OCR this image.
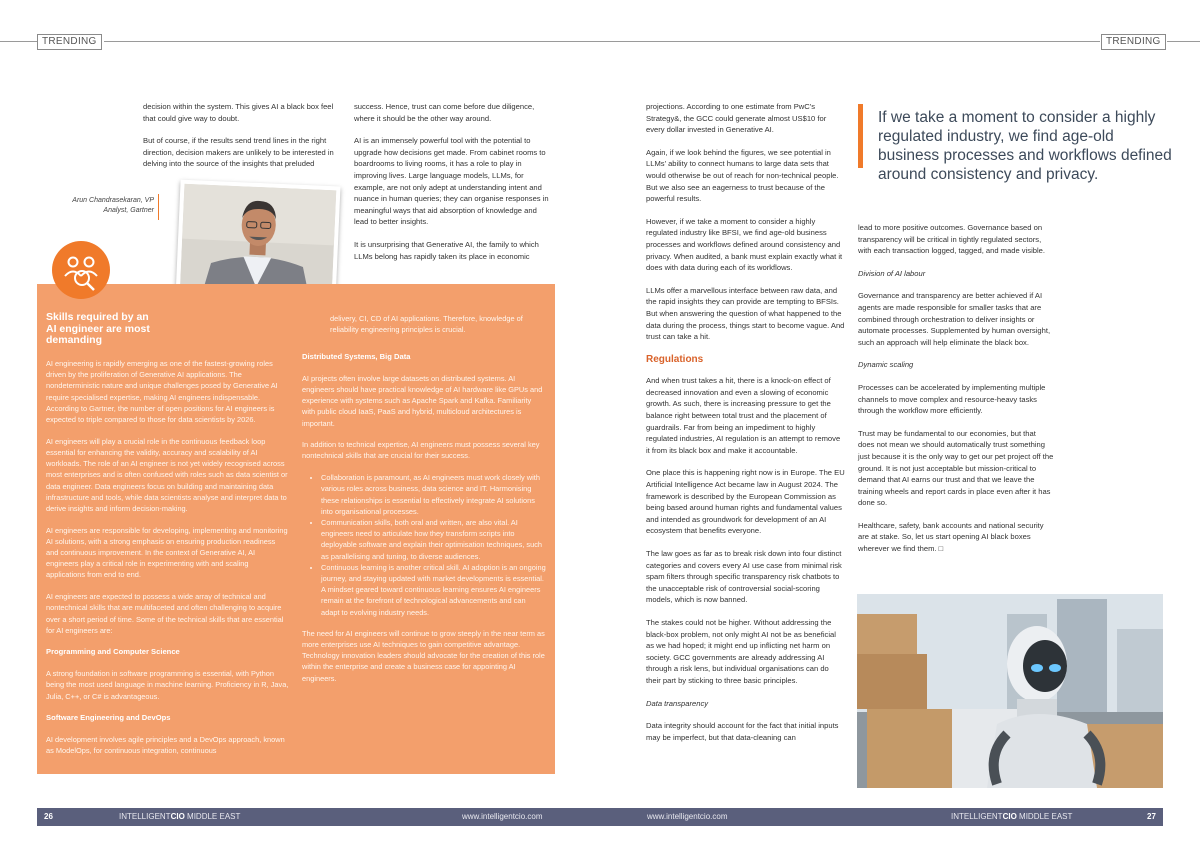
TRENDING	TRENDING

decision within the system. This gives AI a black box feel that could give way to doubt.

But of course, if the results send trend lines in the right direction, decision makers are unlikely to be interested in delving into the source of the insights that preluded

Arun Chandrasekaran, VP
Analyst, Gartner

success. Hence, trust can come before due diligence, where it should be the other way around.

AI is an immensely powerful tool with the potential to upgrade how decisions get made. From cabinet rooms to boardrooms to living rooms, it has a role to play in improving lives. Large language models, LLMs, for example, are not only adept at understanding intent and nuance in human queries; they can organise responses in meaningful ways that aid absorption of knowledge and lead to better insights.

It is unsurprising that Generative AI, the family to which LLMs belong has rapidly taken its place in economic

Skills required by an AI engineer are most demanding

AI engineering is rapidly emerging as one of the fastest-growing roles driven by the proliferation of Generative AI applications. The nondeterministic nature and unique challenges posed by Generative AI require specialised expertise, making AI engineers indispensable. According to Gartner, the number of open positions for AI engineers is expected to triple compared to those for data scientists by 2026.

AI engineers will play a crucial role in the continuous feedback loop essential for enhancing the validity, accuracy and scalability of AI workloads. The role of an AI engineer is not yet widely recognised across most enterprises and is often confused with roles such as data scientist or data engineer. Data engineers focus on building and maintaining data infrastructure and tools, while data scientists analyse and interpret data to derive insights and inform decision-making.

AI engineers are responsible for developing, implementing and monitoring AI solutions, with a strong emphasis on ensuring production readiness and continuous improvement. In the context of Generative AI, AI engineers play a critical role in experimenting with and scaling applications from end to end.

AI engineers are expected to possess a wide array of technical and nontechnical skills that are multifaceted and often challenging to acquire over a short period of time. Some of the technical skills that are essential for AI engineers are:

Programming and Computer Science

A strong foundation in software programming is essential, with Python being the most used language in machine learning. Proficiency in R, Java, Julia, C++, or C# is advantageous.

Software Engineering and DevOps

AI development involves agile principles and a DevOps approach, known as ModelOps, for continuous integration, continuous

delivery, CI, CD of AI applications. Therefore, knowledge of reliability engineering principles is crucial.

Distributed Systems, Big Data

AI projects often involve large datasets on distributed systems. AI engineers should have practical knowledge of AI hardware like GPUs and experience with systems such as Apache Spark and Kafka. Familiarity with public cloud IaaS, PaaS and hybrid, multicloud architectures is important.

In addition to technical expertise, AI engineers must possess several key nontechnical skills that are crucial for their success.

• Collaboration is paramount, as AI engineers must work closely with various roles across business, data science and IT. Harmonising these relationships is essential to effectively integrate AI solutions into organisational processes.
• Communication skills, both oral and written, are also vital. AI engineers need to articulate how they transform scripts into deployable software and explain their optimisation techniques, such as parallelising and tuning, to diverse audiences.
• Continuous learning is another critical skill. AI adoption is an ongoing journey, and staying updated with market developments is essential. A mindset geared toward continuous learning ensures AI engineers remain at the forefront of technological advancements and can adapt to evolving industry needs.

The need for AI engineers will continue to grow steeply in the near term as more enterprises use AI techniques to gain competitive advantage. Technology innovation leaders should advocate for the creation of this role within the enterprise and create a business case for appointing AI engineers.

projections. According to one estimate from PwC’s Strategy&, the GCC could generate almost US$10 for every dollar invested in Generative AI.

Again, if we look behind the figures, we see potential in LLMs’ ability to connect humans to large data sets that would otherwise be out of reach for non-technical people. But we also see an eagerness to trust because of the powerful results.

However, if we take a moment to consider a highly regulated industry like BFSI, we find age-old business processes and workflows defined around consistency and privacy. When audited, a bank must explain exactly what it does with data during each of its workflows.

LLMs offer a marvellous interface between raw data, and the rapid insights they can provide are tempting to BFSIs. But when answering the question of what happened to the data during the process, things start to become vague. And trust can take a hit.

Regulations

And when trust takes a hit, there is a knock-on effect of decreased innovation and even a slowing of economic growth. As such, there is increasing pressure to get the balance right between total trust and the placement of guardrails. Far from being an impediment to highly regulated industries, AI regulation is an attempt to remove it from its black box and make it accountable.

One place this is happening right now is in Europe. The EU Artificial Intelligence Act became law in August 2024. The framework is described by the European Commission as being based around human rights and fundamental values and intended as groundwork for development of an AI ecosystem that benefits everyone.

The law goes as far as to break risk down into four distinct categories and covers every AI use case from minimal risk spam filters through specific transparency risk chatbots to the unacceptable risk of controversial social-scoring models, which is now banned.

The stakes could not be higher. Without addressing the black-box problem, not only might AI not be as beneficial as we had hoped; it might end up inflicting net harm on society. GCC governments are already addressing AI through a risk lens, but individual organisations can do their part by sticking to three basic principles.

Data transparency

Data integrity should account for the fact that initial inputs may be imperfect, but that data-cleaning can

If we take a moment to consider a highly regulated industry, we find age-old business processes and workflows defined around consistency and privacy.

lead to more positive outcomes. Governance based on transparency will be critical in tightly regulated sectors, with each transaction logged, tagged, and made visible.

Division of AI labour

Governance and transparency are better achieved if AI agents are made responsible for smaller tasks that are combined through orchestration to deliver insights or automate processes. Supplemented by human oversight, such an approach will help eliminate the black box.

Dynamic scaling

Processes can be accelerated by implementing multiple channels to move complex and resource-heavy tasks through the workflow more efficiently.

Trust may be fundamental to our economies, but that does not mean we should automatically trust something just because it is the only way to get our pet project off the ground. It is not just acceptable but mission-critical to demand that AI earns our trust and that we leave the training wheels and report cards in place even after it has done so.

Healthcare, safety, bank accounts and national security are at stake. So, let us start opening AI black boxes wherever we find them. □

26	INTELLIGENTCIO MIDDLE EAST	www.intelligentcio.com	www.intelligentcio.com	INTELLIGENTCIO MIDDLE EAST	27
